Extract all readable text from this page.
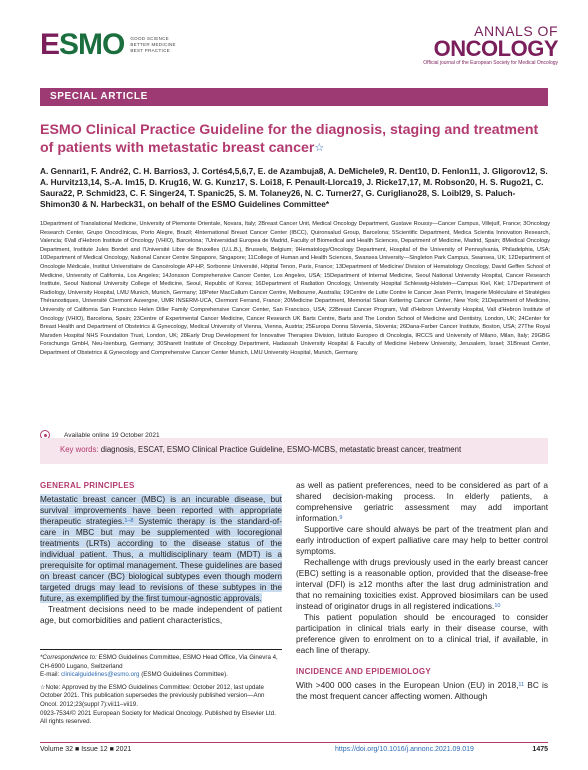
ESMO GOOD SCIENCE
BETTER MEDICINE
BEST PRACTICE
ANNALS OF
ONCOLOGY
Official journal of the European Society for Medical Oncology
SPECIAL ARTICLE
ESMO Clinical Practice Guideline for the diagnosis, staging and treatment of patients with metastatic breast cancer☆
A. Gennari1, F. André2, C. H. Barrios3, J. Cortés4,5,6,7, E. de Azambuja8, A. DeMichele9, R. Dent10, D. Fenlon11, J. Gligorov12, S. A. Hurvitz13,14, S.-A. Im15, D. Krug16, W. G. Kunz17, S. Loi18, F. Penault-Llorca19, J. Ricke17,17, M. Robson20, H. S. Rugo21, C. Saura22, P. Schmid23, C. F. Singer24, T. Spanic25, S. M. Tolaney26, N. C. Turner27, G. Curigliano28, S. Loibl29, S. Paluch-Shimon30 & N. Harbeck31, on behalf of the ESMO Guidelines Committee*
1Department of Translational Medicine, University of Piemonte Orientale, Novara, Italy; 2Breast Cancer Unit, Medical Oncology Department, Gustave Roussy—Cancer Campus, Villejuif, France; 3Oncology Research Center, Grupo Oncoclínicas, Porto Alegre, Brazil; 4International Breast Cancer Center (IBCC), Quironsalud Group, Barcelona; 5Scientific Department, Medica Scientia Innovation Research, Valencia; 6Vall d'Hebron Institute of Oncology (VHIO), Barcelona; 7Universidad Europea de Madrid, Faculty of Biomedical and Health Sciences, Department of Medicine, Madrid, Spain; 8Medical Oncology Department, Institute Jules Bordet and l'Université Libre de Bruxelles (U.L.B.), Brussels, Belgium; 9Hematology/Oncology Department, Hospital of the University of Pennsylvania, Philadelphia, USA; 10Department of Medical Oncology, National Cancer Centre Singapore, Singapore; 11College of Human and Health Sciences, Swansea University—Singleton Park Campus, Swansea, UK; 12Department of Oncologie Médicale, Institut Universitaire de Cancérologie AP-HP, Sorbonne Université, Hôpital Tenon, Paris, France; 13Department of Medicine/ Division of Hematology Oncology, David Geffen School of Medicine, University of California, Los Angeles; 14Jonsson Comprehensive Cancer Center, Los Angeles, USA; 15Department of Internal Medicine, Seoul National University Hospital, Cancer Research Institute, Seoul National University College of Medicine, Seoul, Republic of Korea; 16Department of Radiation Oncology, University Hospital Schleswig-Holstein—Campus Kiel, Kiel; 17Department of Radiology, University Hospital, LMU Munich, Munich, Germany; 18Peter MacCallum Cancer Centre, Melbourne, Australia; 19Centre de Lutte Contre le Cancer Jean Perrin, Imagerie Moléculaire et Stratégies Théranostiques, Université Clermont Auvergne, UMR INSERM-UCA, Clermont Ferrand, France; 20Medicine Department, Memorial Sloan Kettering Cancer Center, New York; 21Department of Medicine, University of California San Francisco Helen Diller Family Comprehensive Cancer Center, San Francisco, USA; 22Breast Cancer Program, Vall d'Hebron University Hospital, Vall d'Hebron Institute of Oncology (VHIO), Barcelona, Spain; 23Centre of Experimental Cancer Medicine, Cancer Research UK Barts Centre, Barts and The London School of Medicine and Dentistry, London, UK; 24Center for Breast Health and Department of Obstetrics & Gynecology, Medical University of Vienna, Vienna, Austria; 25Europa Donna Slovenia, Slovenia; 26Dana-Farber Cancer Institute, Boston, USA; 27The Royal Marsden Hospital NHS Foundation Trust, London, UK; 28Early Drug Development for Innovative Therapies Division, Istituto Europeo di Oncologia, IRCCS and University of Milano, Milan, Italy; 29GBG Forschungs GmbH, Neu-Isenburg, Germany; 30Sharett Institute of Oncology Department, Hadassah University Hospital & Faculty of Medicine Hebrew University, Jerusalem, Israel; 31Breast Center, Department of Obstetrics & Gynecology and Comprehensive Cancer Center Munich, LMU University Hospital, Munich, Germany
Available online 19 October 2021

Key words: diagnosis, ESCAT, ESMO Clinical Practice Guideline, ESMO-MCBS, metastatic breast cancer, treatment

GENERAL PRINCIPLES

Metastatic breast cancer (MBC) is an incurable disease, but survival improvements have been reported with appropriate therapeutic strategies.$^{1-8}$ Systemic therapy is the standard-of-care in MBC but may be supplemented with locoregional treatments (LRTs) according to the disease status of the individual patient. Thus, a multidisciplinary team (MDT) is a prerequisite for optimal management. These guidelines are based on breast cancer (BC) biological subtypes even though modern targeted drugs may lead to revisions of these subtypes in the future, as exemplified by the first tumour-agnostic approvals.

Treatment decisions need to be made independent of patient age, but comorbidities and patient characteristics,

as well as patient preferences, need to be considered as part of a shared decision-making process. In elderly patients, a comprehensive geriatric assessment may add important information.$^9$

Supportive care should always be part of the treatment plan and early introduction of expert palliative care may help to better control symptoms.

Rechallenge with drugs previously used in the early breast cancer (EBC) setting is a reasonable option, provided that the disease-free interval (DFI) is ≥12 months after the last drug administration and that no remaining toxicities exist. Approved biosimilars can be used instead of originator drugs in all registered indications.$^{10}$

This patient population should be encouraged to consider participation in clinical trials early in their disease course, with preference given to enrolment on to a clinical trial, if available, in each line of therapy.

INCIDENCE AND EPIDEMIOLOGY

With >400 000 cases in the European Union (EU) in 2018,11 BC is the most frequent cancer affecting women. Although

*Correspondence to: ESMO Guidelines Committee, ESMO Head Office, Via Ginevra 4, CH-6900 Lugano, Switzerland

E-mail: clinicalguidelines@esmo.org (ESMO Guidelines Committee).

☆Note: Approved by the ESMO Guidelines Committee: October 2012, last update October 2021. This publication supersedes the previously published version—Ann Oncol. 2012;23(suppl 7):vii11–vii19.

0923-7534/© 2021 European Society for Medical Oncology. Published by Elsevier Ltd. All rights reserved.

Volume 32 ■ Issue 12 ■ 2021	https://doi.org/10.1016/j.annonc.2021.09.019	1475
